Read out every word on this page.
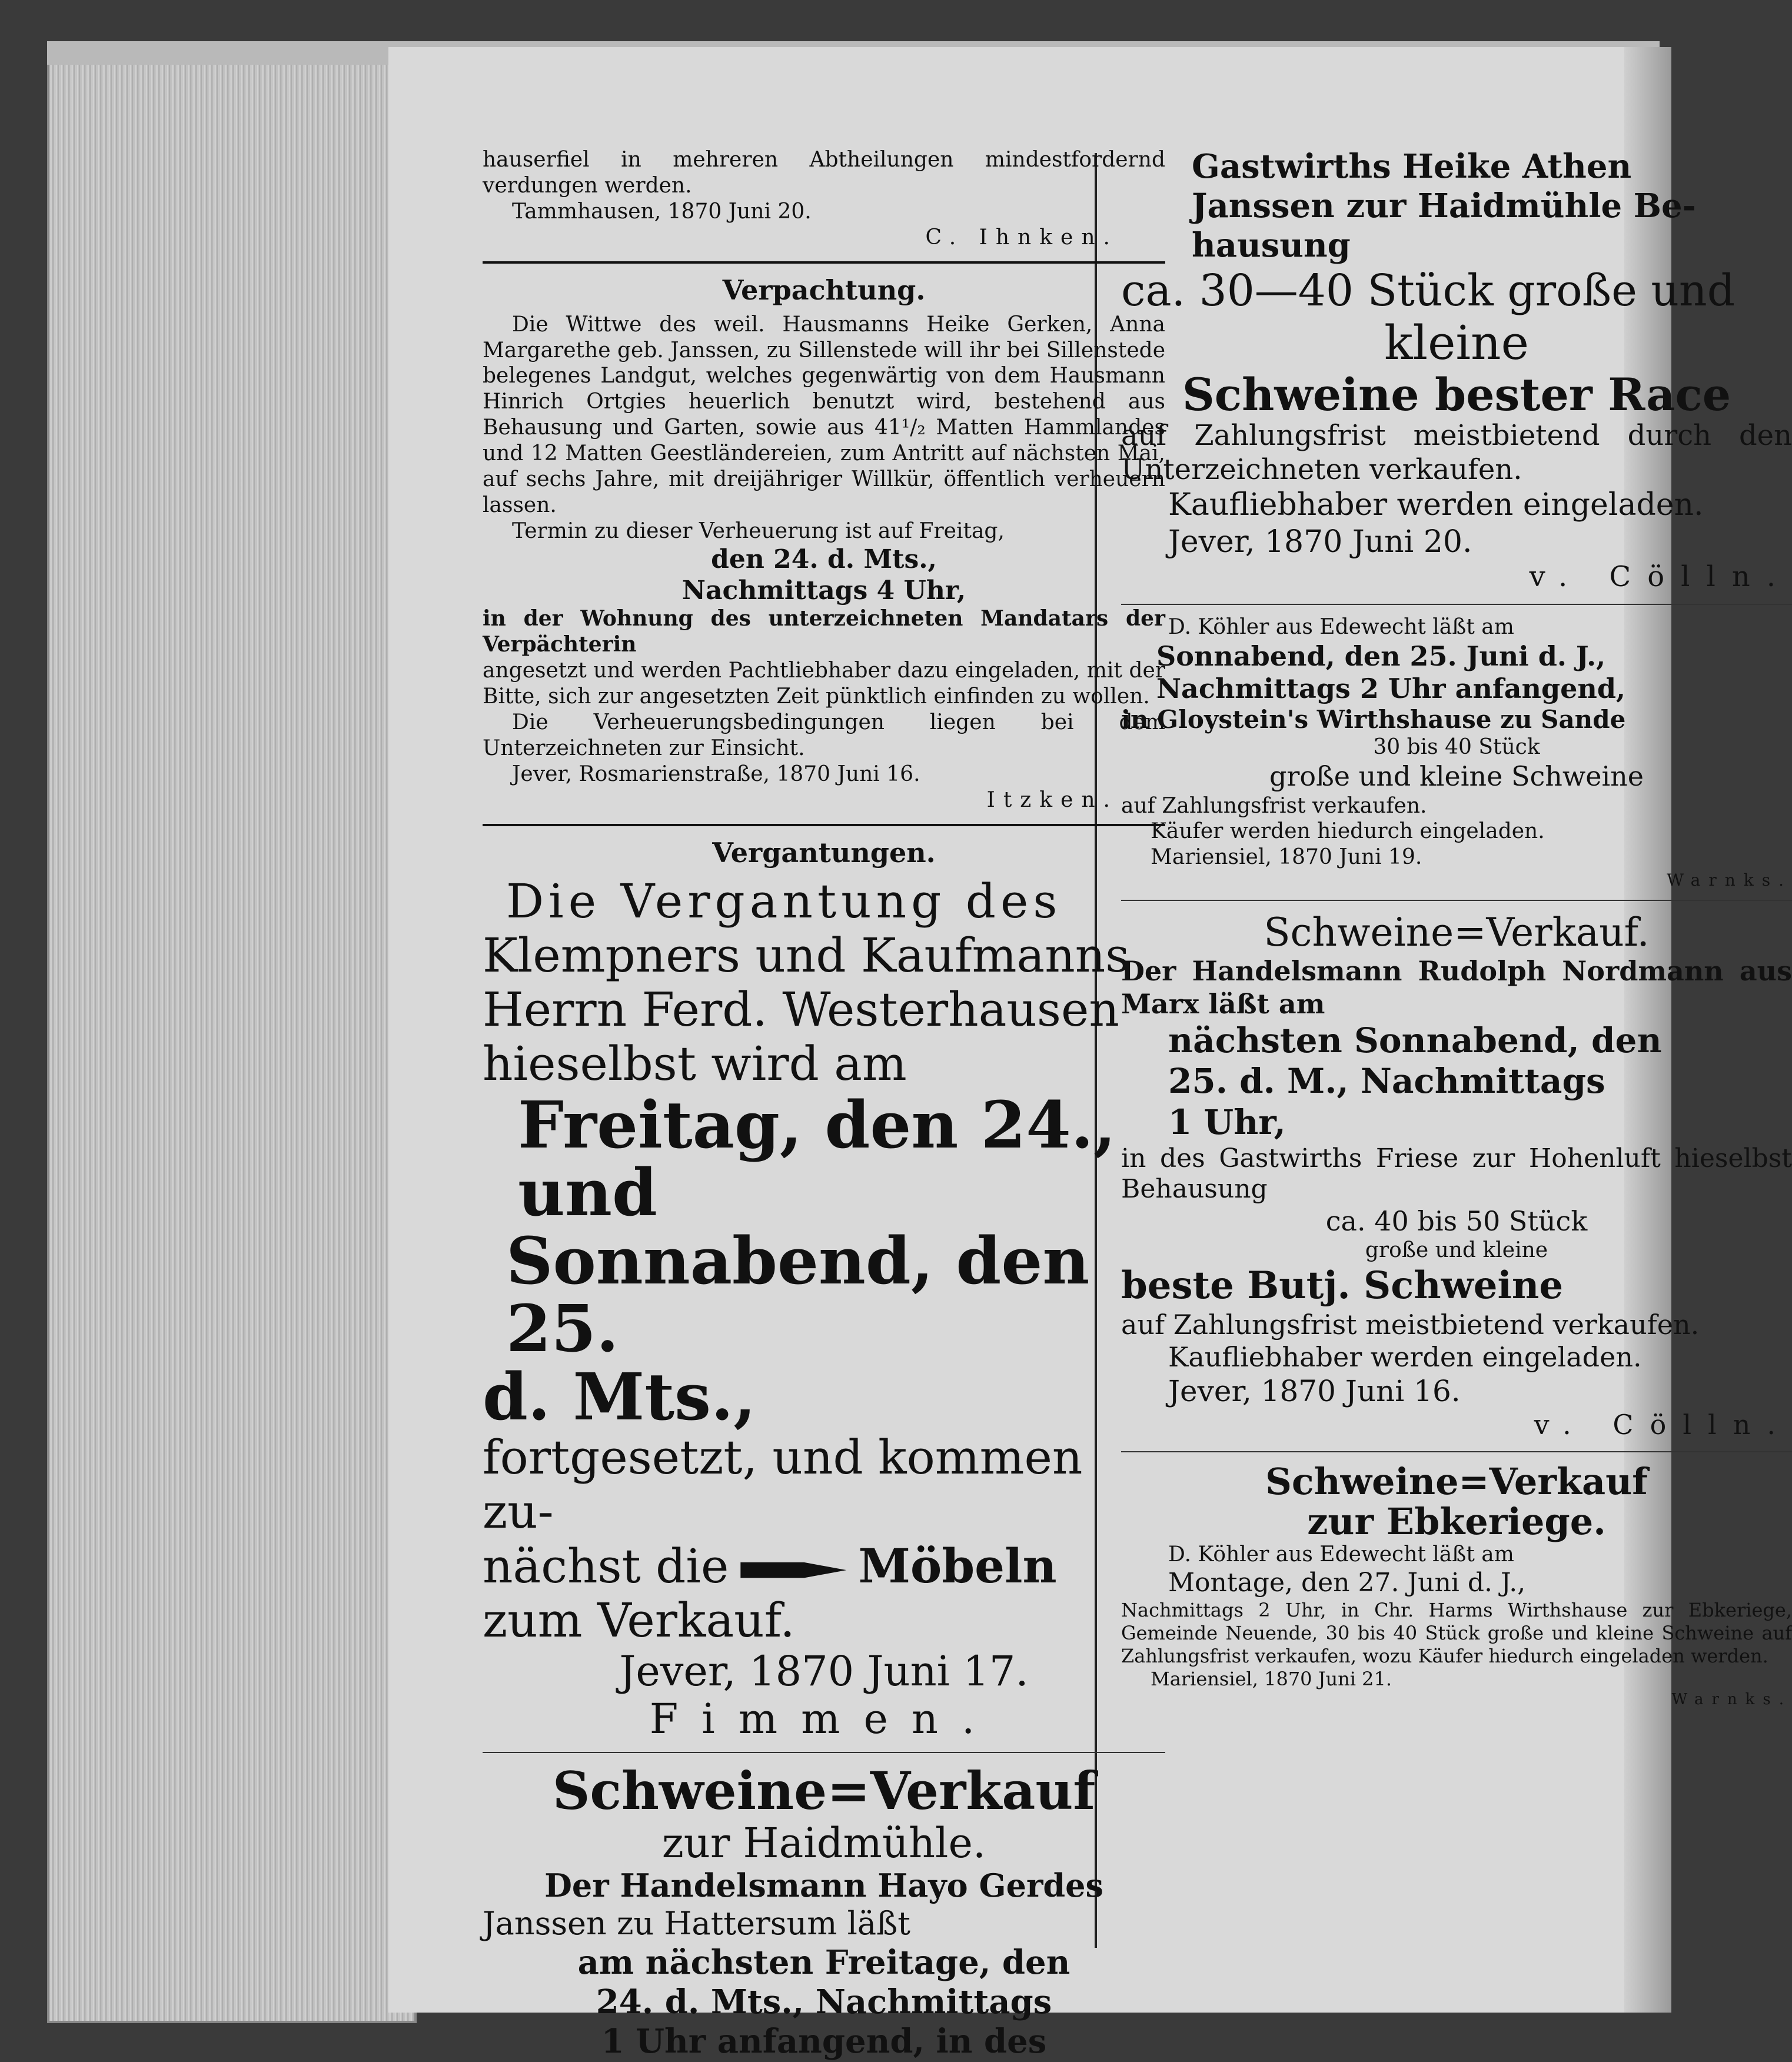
hauserfiel in mehreren Abtheilungen mindestfordernd verdungen werden.

Tammhausen, 1870 Juni 20.

C. Ihnken.

Verpachtung.

Die Wittwe des weil. Hausmanns Heike Gerken, Anna Margarethe geb. Janssen, zu Sillenstede will ihr bei Sillenstede belegenes Landgut, welches gegenwärtig von dem Hausmann Hinrich Ortgies heuerlich benutzt wird, bestehend aus Behausung und Garten, sowie aus 41¹/₂ Matten Hammlandes und 12 Matten Geestländereien, zum Antritt auf nächsten Mai, auf sechs Jahre, mit dreijähriger Willkür, öffentlich verheuern lassen.

Termin zu dieser Verheuerung ist auf Freitag,

den 24. d. Mts.,

Nachmittags 4 Uhr,

in der Wohnung des unterzeichneten Mandatars der Verpächterin

angesetzt und werden Pachtliebhaber dazu eingeladen, mit der Bitte, sich zur angesetzten Zeit pünktlich einfinden zu wollen.

Die Verheuerungsbedingungen liegen bei dem Unterzeichneten zur Einsicht.

Jever, Rosmarienstraße, 1870 Juni 16.

Itzken.

Vergantungen.

Die Vergantung des

Klempners und Kaufmanns

Herrn Ferd. Westerhausen

hieselbst wird am

Freitag, den 24., und

Sonnabend, den 25.

d. Mts.,

fortgesetzt, und kommen zu-

nächst die	Möbeln

zum Verkauf.

Jever, 1870 Juni 17.

Fimmen.

Schweine=Verkauf

zur Haidmühle.

Der Handelsmann Hayo Gerdes

Janssen zu Hattersum läßt

am nächsten Freitage, den

24. d. Mts., Nachmittags

1 Uhr anfangend, in des

Gastwirths Heike Athen

Janssen zur Haidmühle Be-

hausung

ca. 30—40 Stück große und

kleine

Schweine bester Race

auf Zahlungsfrist meistbietend durch den Unterzeichneten verkaufen.

Kaufliebhaber werden eingeladen.

Jever, 1870 Juni 20.

v. Cölln.

D. Köhler aus Edewecht läßt am

Sonnabend, den 25. Juni d. J.,

Nachmittags 2 Uhr anfangend,

in Gloystein's Wirthshause zu Sande

30 bis 40 Stück

große und kleine Schweine

auf Zahlungsfrist verkaufen.

Käufer werden hiedurch eingeladen.

Mariensiel, 1870 Juni 19.

Warnks.

Schweine=Verkauf.

Der Handelsmann Rudolph Nordmann aus Marx läßt am

nächsten Sonnabend, den

25. d. M., Nachmittags

1 Uhr,

in des Gastwirths Friese zur Hohenluft hieselbst Behausung

ca. 40 bis 50 Stück

große und kleine

beste Butj. Schweine

auf Zahlungsfrist meistbietend verkaufen.

Kaufliebhaber werden eingeladen.

Jever, 1870 Juni 16.

v. Cölln.

Schweine=Verkauf

zur Ebkeriege.

D. Köhler aus Edewecht läßt am

Montage, den 27. Juni d. J.,

Nachmittags 2 Uhr, in Chr. Harms Wirthshause zur Ebkeriege, Gemeinde Neuende, 30 bis 40 Stück große und kleine Schweine auf Zahlungsfrist verkaufen, wozu Käufer hiedurch eingeladen werden.

Mariensiel, 1870 Juni 21.

Warnks.
